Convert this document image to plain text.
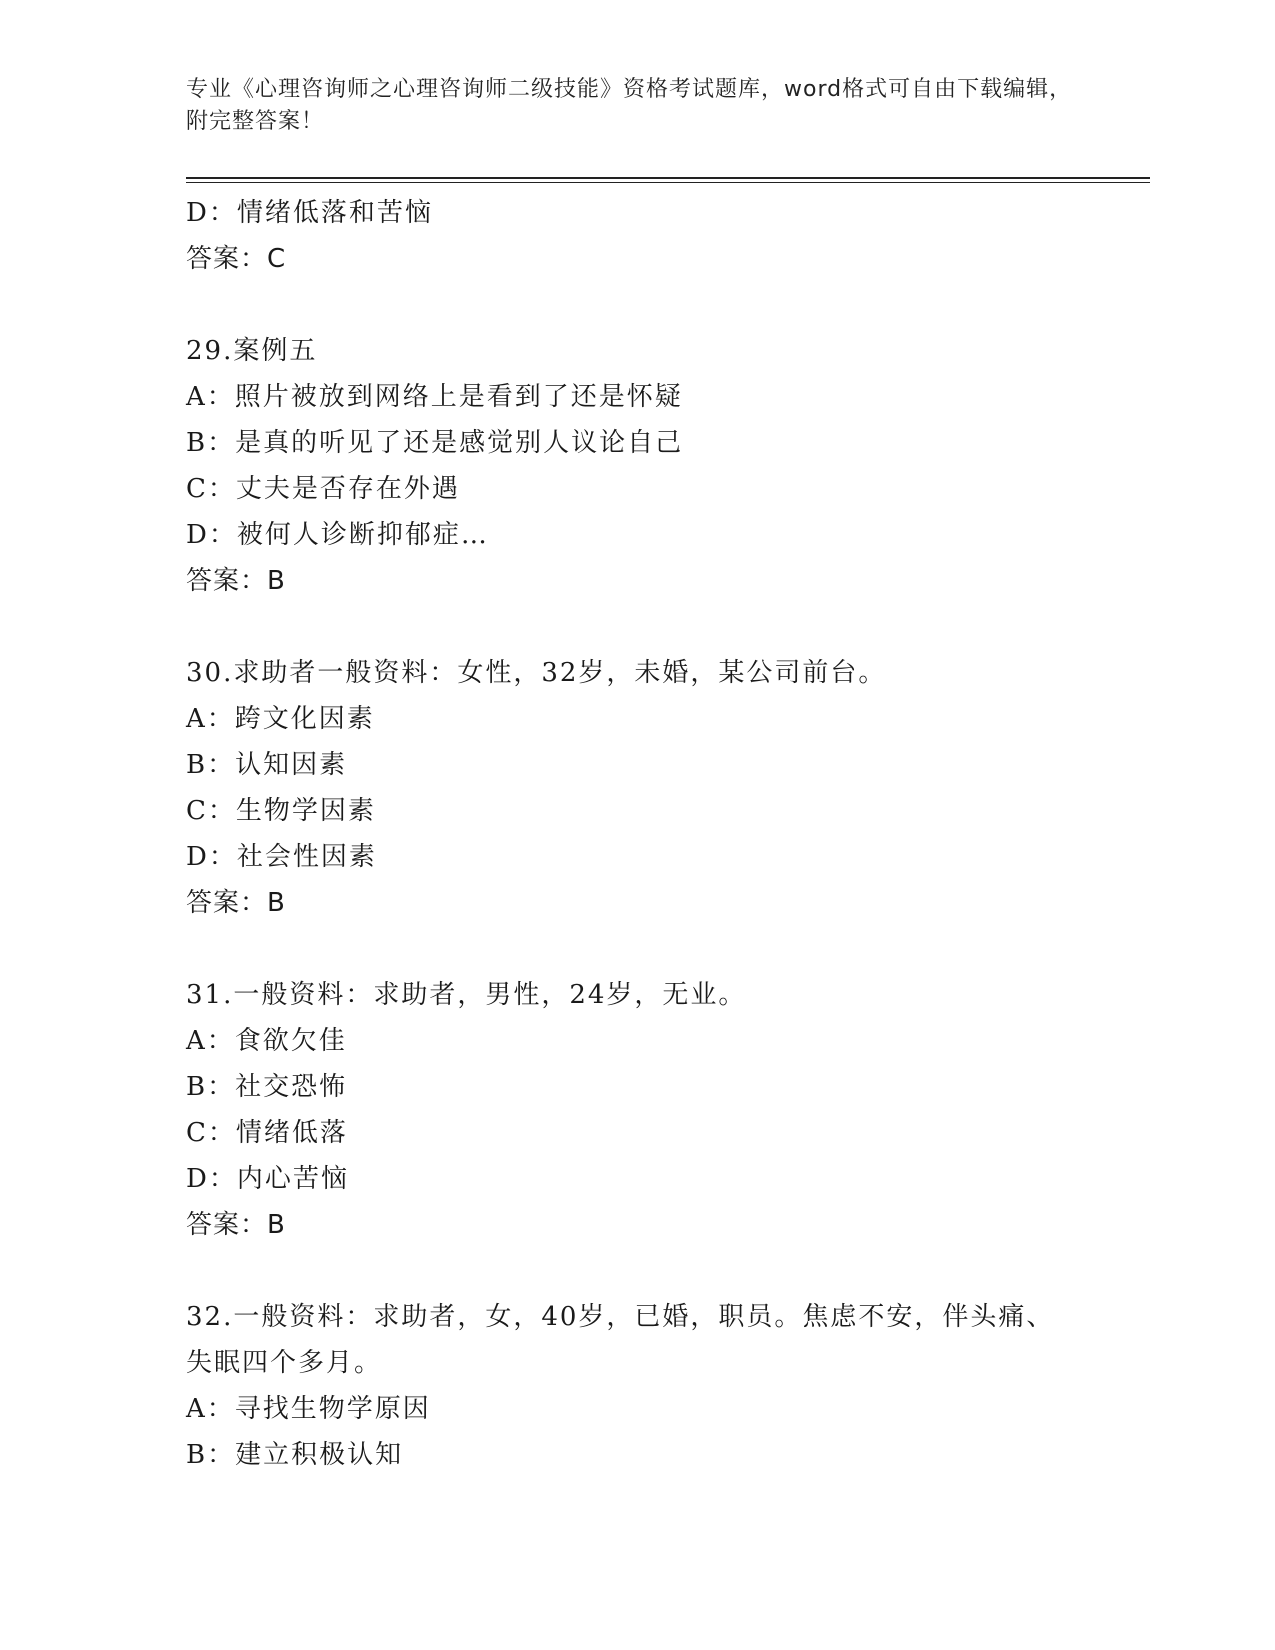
专业《心理咨询师之心理咨询师二级技能》资格考试题库，word格式可自由下载编辑，附完整答案！
D：情绪低落和苦恼
答案：C
29.案例五
A：照片被放到网络上是看到了还是怀疑
B：是真的听见了还是感觉别人议论自己
C：丈夫是否存在外遇
D：被何人诊断抑郁症…
答案：B
30.求助者一般资料：女性，32岁，未婚，某公司前台。
A：跨文化因素
B：认知因素
C：生物学因素
D：社会性因素
答案：B
31.一般资料：求助者，男性，24岁，无业。
A：食欲欠佳
B：社交恐怖
C：情绪低落
D：内心苦恼
答案：B
32.一般资料：求助者，女，40岁，已婚，职员。焦虑不安，伴头痛、
失眠四个多月。
A：寻找生物学原因
B：建立积极认知
